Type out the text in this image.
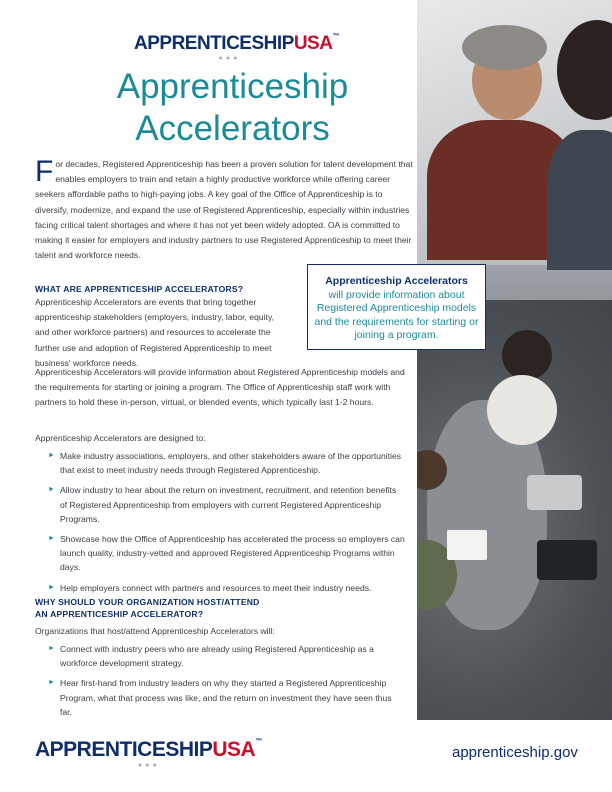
APPRENTICESHIPUSA™
★★★
Apprenticeship
Accelerators
For decades, Registered Apprenticeship has been a proven solution for talent development that enables employers to train and retain a highly productive workforce while offering career seekers affordable paths to high-paying jobs. A key goal of the Office of Apprenticeship is to diversify, modernize, and expand the use of Registered Apprenticeship, especially within industries facing critical talent shortages and where it has not yet been widely adopted. OA is committed to making it easier for employers and industry partners to use Registered Apprenticeship to meet their talent and workforce needs.
WHAT ARE APPRENTICESHIP ACCELERATORS?
Apprenticeship Accelerators are events that bring together apprenticeship stakeholders (employers, industry, labor, equity, and other workforce partners) and resources to accelerate the further use and adoption of Registered Apprenticeship to meet business' workforce needs.
Apprenticeship Accelerators will provide information about Registered Apprenticeship models and the requirements for starting or joining a program. The Office of Apprenticeship staff work with partners to hold these in-person, virtual, or blended events, which typically last 1-2 hours.
Apprenticeship Accelerators are designed to:
Apprenticeship Accelerators
will provide information about Registered Apprenticeship models and the requirements for starting or joining a program.
► Make industry associations, employers, and other stakeholders aware of the opportunities that exist to meet industry needs through Registered Apprenticeship.
► Allow industry to hear about the return on investment, recruitment, and retention benefits of Registered Apprenticeship from employers with current Registered Apprenticeship Programs.
► Showcase how the Office of Apprenticeship has accelerated the process so employers can launch quality, industry-vetted and approved Registered Apprenticeship Programs within days.
► Help employers connect with partners and resources to meet their industry needs.
WHY SHOULD YOUR ORGANIZATION HOST/ATTEND
AN APPRENTICESHIP ACCELERATOR?
Organizations that host/attend Apprenticeship Accelerators will:
► Connect with industry peers who are already using Registered Apprenticeship as a workforce development strategy.
► Hear first-hand from industry leaders on why they started a Registered Apprenticeship Program, what that process was like, and the return on investment they have seen thus far.
APPRENTICESHIPUSA™
★★★
apprenticeship.gov
